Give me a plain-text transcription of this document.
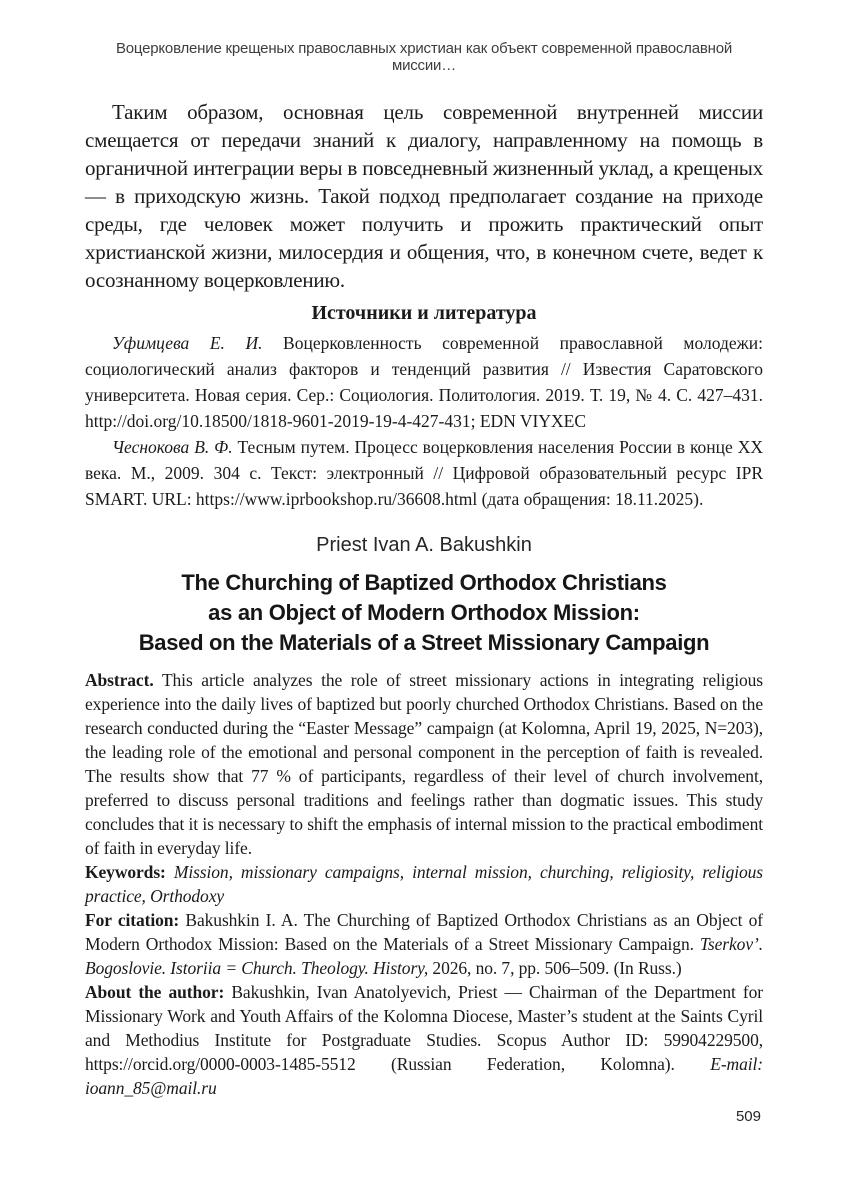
Воцерковление крещеных православных христиан как объект современной православной миссии…

Таким образом, основная цель современной внутренней миссии смещается от передачи знаний к диалогу, направленному на помощь в органичной интеграции веры в повседневный жизненный уклад, а крещеных — в приходскую жизнь. Такой подход предполагает создание на приходе среды, где человек может получить и прожить практический опыт христианской жизни, милосердия и общения, что, в конечном счете, ведет к осознанному воцерковлению.

Источники и литература

Уфимцева Е. И. Воцерковленность современной православной молодежи: социологический анализ факторов и тенденций развития // Известия Саратовского университета. Новая серия. Сер.: Социология. Политология. 2019. Т. 19, № 4. С. 427–431. http://doi.org/10.18500/1818-9601-2019-19-4-427-431; EDN VIYXEC

Чеснокова В. Ф. Тесным путем. Процесс воцерковления населения России в конце XX века. М., 2009. 304 с. Текст: электронный // Цифровой образовательный ресурс IPR SMART. URL: https://www.iprbookshop.ru/36608.html (дата обращения: 18.11.2025).

Priest Ivan A. Bakushkin
The Churching of Baptized Orthodox Christians
as an Object of Modern Orthodox Mission:
Based on the Materials of a Street Missionary Campaign

Abstract. This article analyzes the role of street missionary actions in integrating religious experience into the daily lives of baptized but poorly churched Orthodox Christians. Based on the research conducted during the “Easter Message” campaign (at Kolomna, April 19, 2025, N=203), the leading role of the emotional and personal component in the perception of faith is revealed. The results show that 77 % of participants, regardless of their level of church involvement, preferred to discuss personal traditions and feelings rather than dogmatic issues. This study concludes that it is necessary to shift the emphasis of internal mission to the practical embodiment of faith in everyday life.

Keywords: Mission, missionary campaigns, internal mission, churching, religiosity, religious practice, Orthodoxy

For citation: Bakushkin I. A. The Churching of Baptized Orthodox Christians as an Object of Modern Orthodox Mission: Based on the Materials of a Street Missionary Campaign. Tserkov’. Bogoslovie. Istoriia = Church. Theology. History, 2026, no. 7, pp. 506–509. (In Russ.)

About the author: Bakushkin, Ivan Anatolyevich, Priest — Chairman of the Department for Missionary Work and Youth Affairs of the Kolomna Diocese, Master’s student at the Saints Cyril and Methodius Institute for Postgraduate Studies. Scopus Author ID: 59904229500, https://orcid.org/0000-0003-1485-5512 (Russian Federation, Kolomna). E-mail: ioann_85@mail.ru

509
